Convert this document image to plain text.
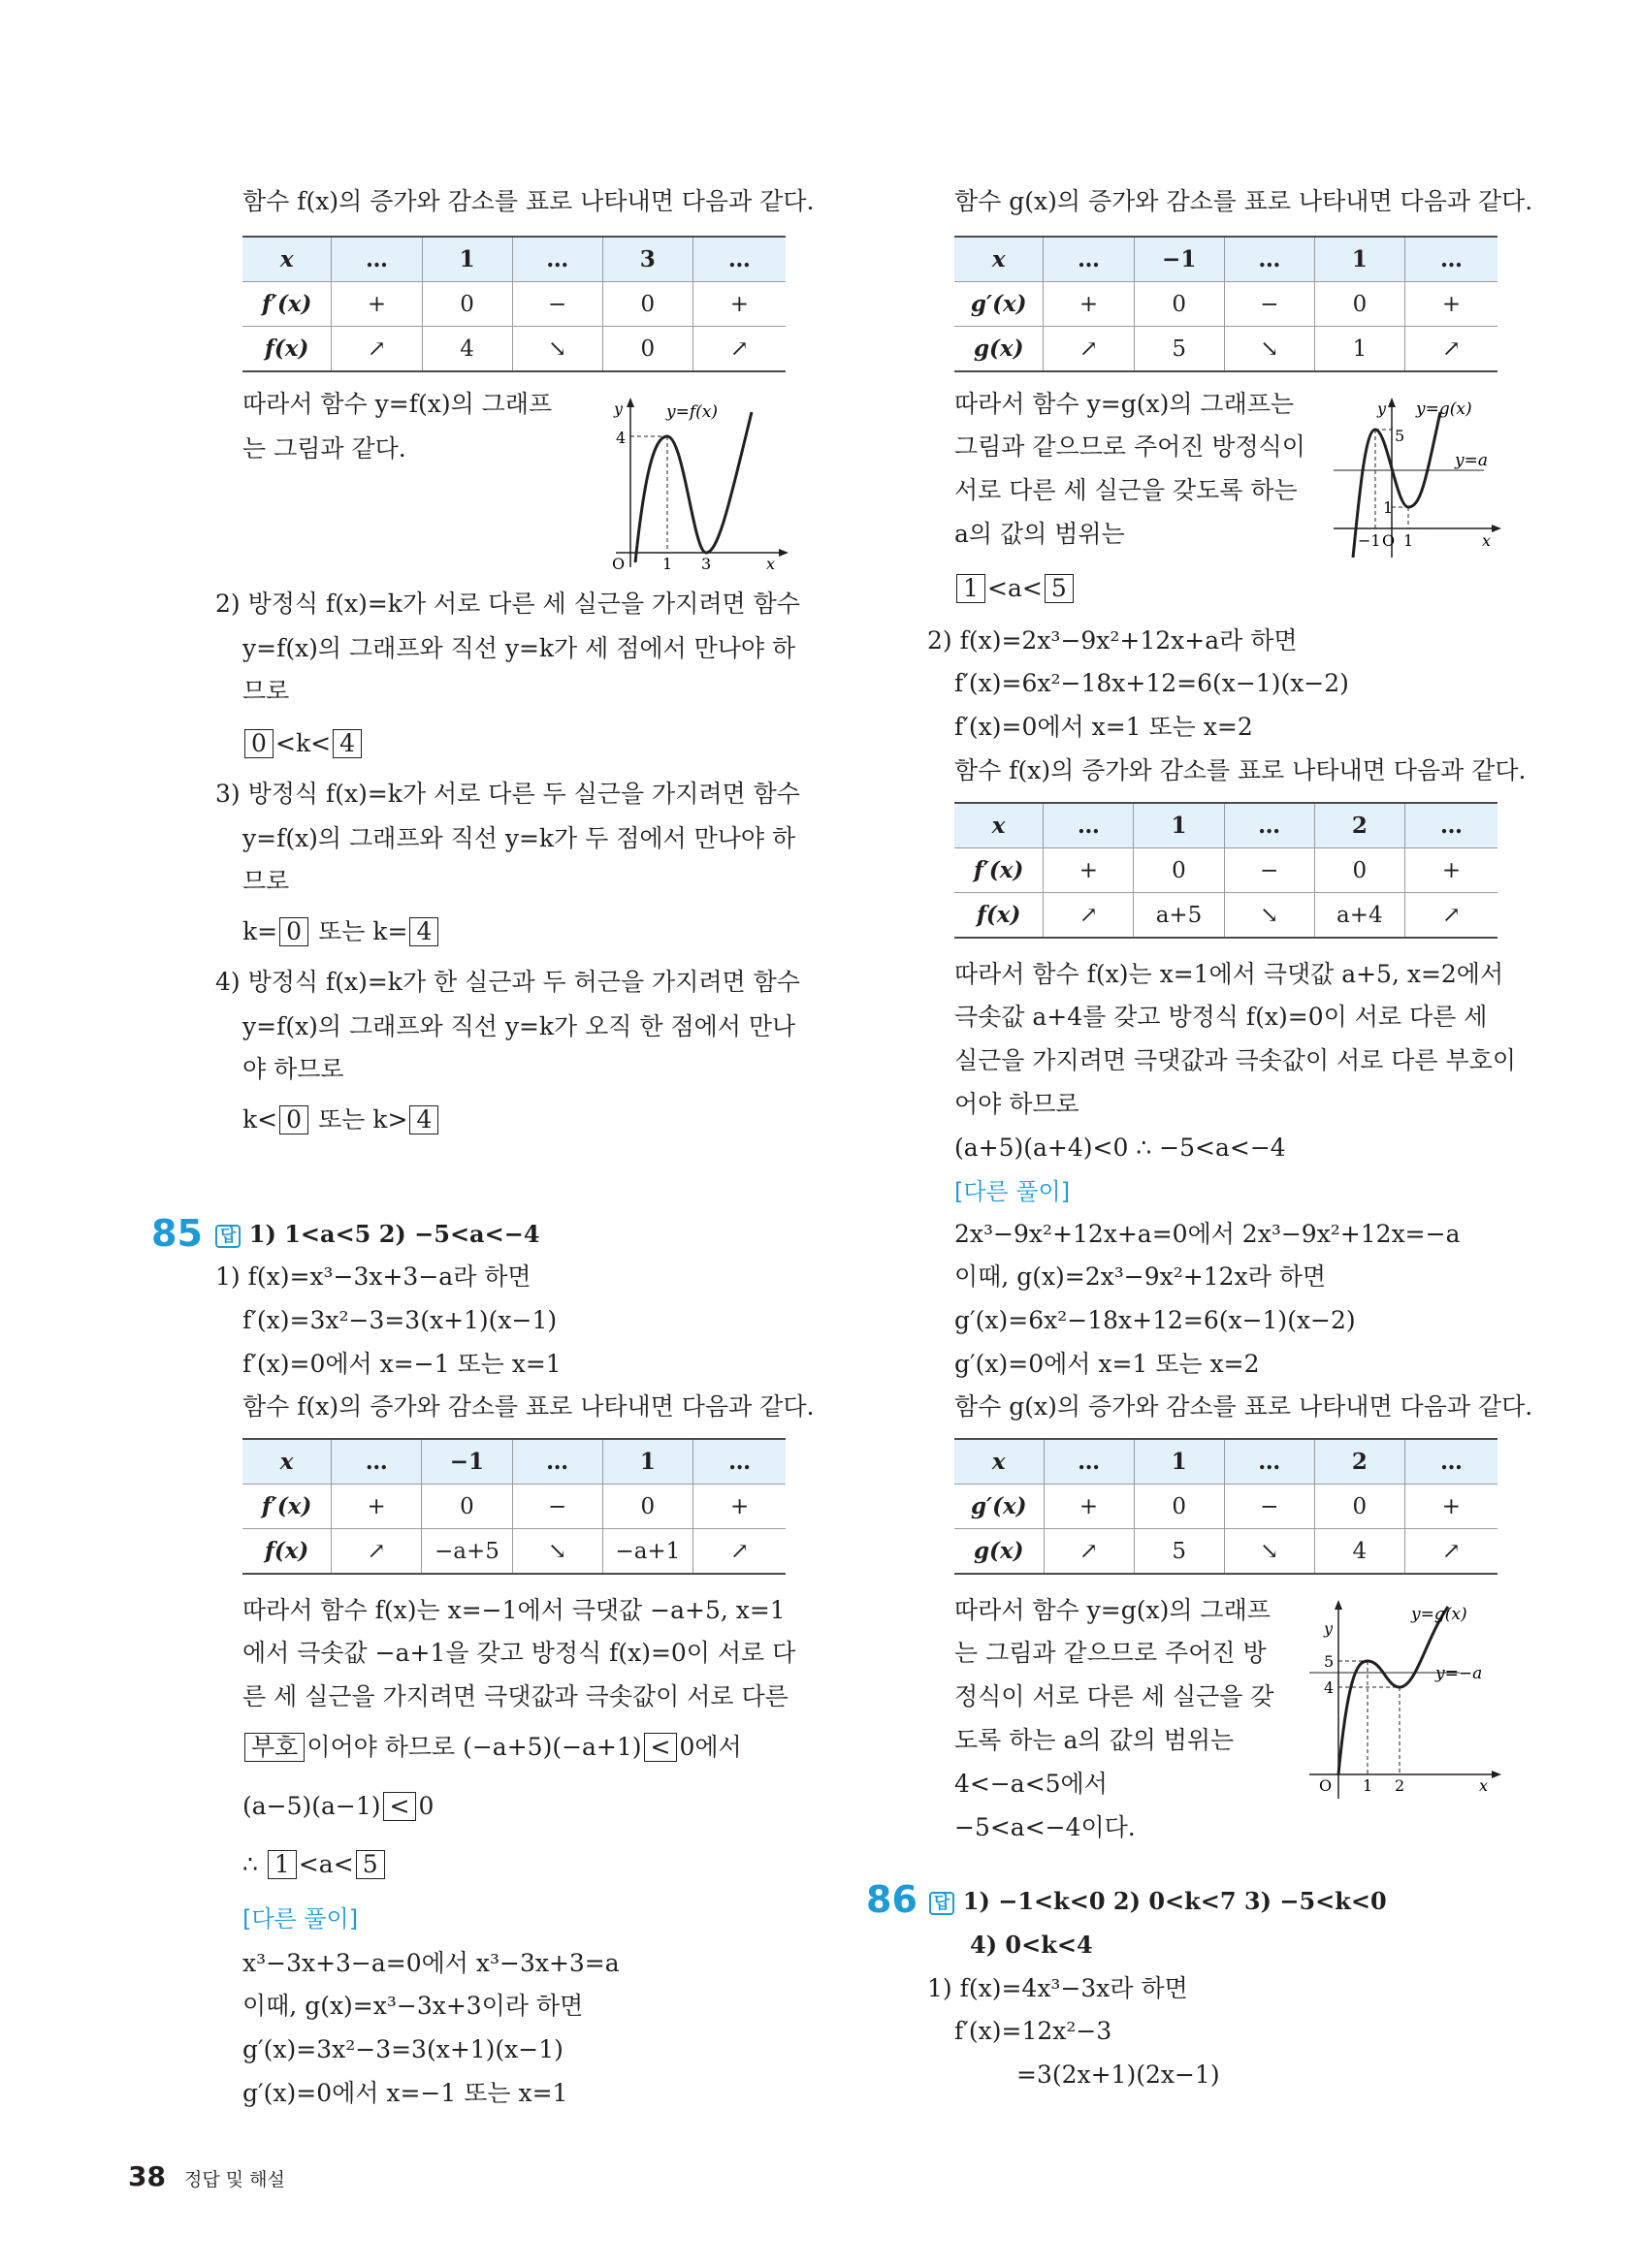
함수 f(x)의 증가와 감소를 표로 나타내면 다음과 같다.
x	…	1	…	3	…
f′(x)	+	0	−	0	+
f(x)	↗	4	↘	0	↗
따라서 함수 y=f(x)의 그래프
는 그림과 같다.
y	y=f(x)
4
O 1 3	x
2) 방정식 f(x)=k가 서로 다른 세 실근을 가지려면 함수
y=f(x)의 그래프와 직선 y=k가 세 점에서 만나야 하
므로
0 <k< 4
3) 방정식 f(x)=k가 서로 다른 두 실근을 가지려면 함수
y=f(x)의 그래프와 직선 y=k가 두 점에서 만나야 하
므로
k= 0 또는 k= 4
4) 방정식 f(x)=k가 한 실근과 두 허근을 가지려면 함수
y=f(x)의 그래프와 직선 y=k가 오직 한 점에서 만나
야 하므로
k< 0 또는 k> 4
85 답 1) 1<a<5 2) −5<a<−4
1) f(x)=x³−3x+3−a라 하면
f′(x)=3x²−3=3(x+1)(x−1)
f′(x)=0에서 x=−1 또는 x=1
함수 f(x)의 증가와 감소를 표로 나타내면 다음과 같다.
x	…	−1	…	1	…
f′(x)	+	0	−	0	+
f(x)	↗	−a+5	↘	−a+1	↗
따라서 함수 f(x)는 x=−1에서 극댓값 −a+5, x=1
에서 극솟값 −a+1을 갖고 방정식 f(x)=0이 서로 다
른 세 실근을 가지려면 극댓값과 극솟값이 서로 다른
부호 이어야 하므로 (−a+5)(−a+1) < 0에서
(a−5)(a−1) < 0
∴ 1 <a< 5
[다른 풀이]
x³−3x+3−a=0에서 x³−3x+3=a
이때, g(x)=x³−3x+3이라 하면
g′(x)=3x²−3=3(x+1)(x−1)
g′(x)=0에서 x=−1 또는 x=1
함수 g(x)의 증가와 감소를 표로 나타내면 다음과 같다.
x	…	−1	…	1	…
g′(x)	+	0	−	0	+
g(x)	↗	5	↘	1	↗
따라서 함수 y=g(x)의 그래프는
그림과 같으므로 주어진 방정식이
서로 다른 세 실근을 갖도록 하는
a의 값의 범위는
1 <a< 5
y y=g(x)
5
y=a
1
−1 O 1	x
2) f(x)=2x³−9x²+12x+a라 하면
f′(x)=6x²−18x+12=6(x−1)(x−2)
f′(x)=0에서 x=1 또는 x=2
함수 f(x)의 증가와 감소를 표로 나타내면 다음과 같다.
x	…	1	…	2	…
f′(x)	+	0	−	0	+
f(x)	↗	a+5	↘	a+4	↗
따라서 함수 f(x)는 x=1에서 극댓값 a+5, x=2에서
극솟값 a+4를 갖고 방정식 f(x)=0이 서로 다른 세
실근을 가지려면 극댓값과 극솟값이 서로 다른 부호이
어야 하므로
(a+5)(a+4)<0 ∴ −5<a<−4
[다른 풀이]
2x³−9x²+12x+a=0에서 2x³−9x²+12x=−a
이때, g(x)=2x³−9x²+12x라 하면
g′(x)=6x²−18x+12=6(x−1)(x−2)
g′(x)=0에서 x=1 또는 x=2
함수 g(x)의 증가와 감소를 표로 나타내면 다음과 같다.
x	…	1	…	2	…
g′(x)	+	0	−	0	+
g(x)	↗	5	↘	4	↗
따라서 함수 y=g(x)의 그래프
는 그림과 같으므로 주어진 방
정식이 서로 다른 세 실근을 갖
도록 하는 a의 값의 범위는
4<−a<5에서
−5<a<−4이다.
y
y=g(x)
5
y=−a
4
O 1 2	x
86 답 1) −1<k<0 2) 0<k<7 3) −5<k<0
4) 0<k<4
1) f(x)=4x³−3x라 하면
f′(x)=12x²−3
=3(2x+1)(2x−1)
38 정답 및 해설
